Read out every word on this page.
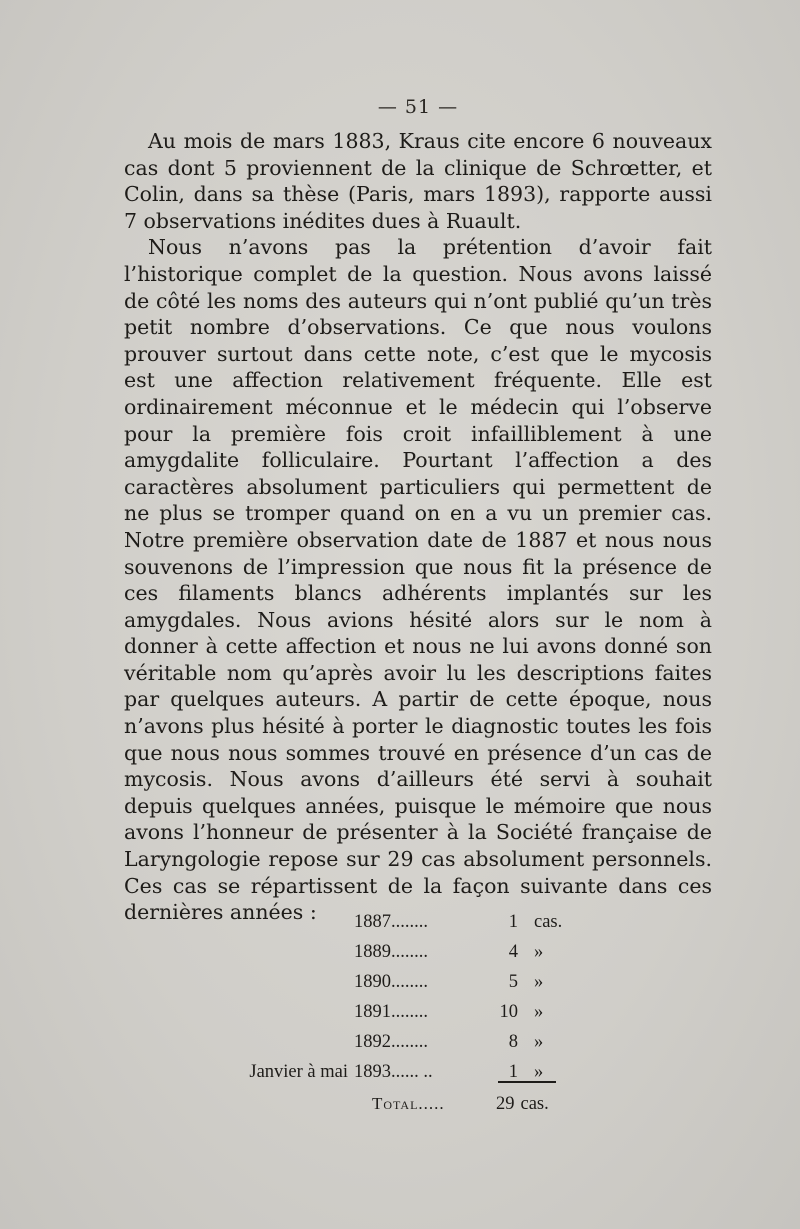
— 51 —

Au mois de mars 1883, Kraus cite encore 6 nouveaux cas dont 5 proviennent de la clinique de Schrœtter, et Colin, dans sa thèse (Paris, mars 1893), rapporte aussi 7 observations inédites dues à Ruault.

Nous n’avons pas la prétention d’avoir fait l’historique complet de la question. Nous avons laissé de côté les noms des auteurs qui n’ont publié qu’un très petit nombre d’observations. Ce que nous voulons prouver surtout dans cette note, c’est que le mycosis est une affection relativement fréquente. Elle est ordinairement méconnue et le médecin qui l’observe pour la première fois croit infailliblement à une amygdalite folliculaire. Pourtant l’affection a des caractères absolument particuliers qui permettent de ne plus se tromper quand on en a vu un premier cas. Notre première observation date de 1887 et nous nous souvenons de l’impression que nous fit la présence de ces filaments blancs adhérents implantés sur les amygdales. Nous avions hésité alors sur le nom à donner à cette affection et nous ne lui avons donné son véritable nom qu’après avoir lu les descriptions faites par quelques auteurs. A partir de cette époque, nous n’avons plus hésité à porter le diagnostic toutes les fois que nous nous sommes trouvé en présence d’un cas de mycosis. Nous avons d’ailleurs été servi à souhait depuis quelques années, puisque le mémoire que nous avons l’honneur de présenter à la Société française de Laryngologie repose sur 29 cas absolument personnels. Ces cas se répartissent de la façon suivante dans ces dernières années :	1887........	1 cas.
1889........	4 »
1890........	5 »
1891........	10 »
1892........	8 »
Janvier à mai 1893...... ..	1 »
Total.....	29 cas.
